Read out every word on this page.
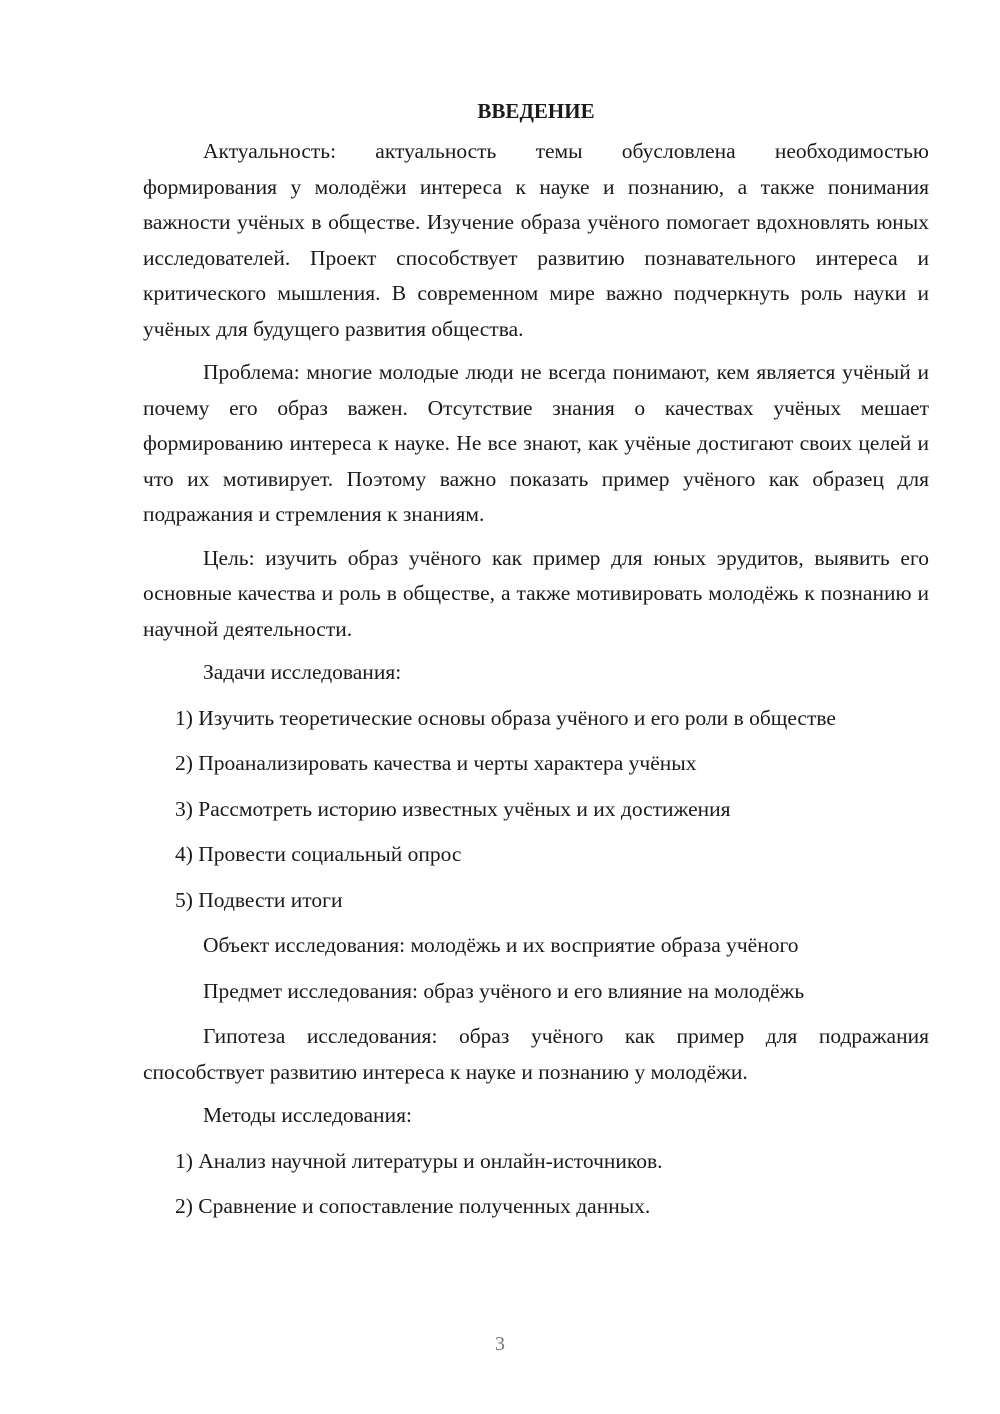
ВВЕДЕНИЕ

Актуальность: актуальность темы обусловлена необходимостью формирования у молодёжи интереса к науке и познанию, а также понимания важности учёных в обществе. Изучение образа учёного помогает вдохновлять юных исследователей. Проект способствует развитию познавательного интереса и критического мышления. В современном мире важно подчеркнуть роль науки и учёных для будущего развития общества.

Проблема: многие молодые люди не всегда понимают, кем является учёный и почему его образ важен. Отсутствие знания о качествах учёных мешает формированию интереса к науке. Не все знают, как учёные достигают своих целей и что их мотивирует. Поэтому важно показать пример учёного как образец для подражания и стремления к знаниям.

Цель: изучить образ учёного как пример для юных эрудитов, выявить его основные качества и роль в обществе, а также мотивировать молодёжь к познанию и научной деятельности.

Задачи исследования:

1) Изучить теоретические основы образа учёного и его роли в обществе

2) Проанализировать качества и черты характера учёных

3) Рассмотреть историю известных учёных и их достижения

4) Провести социальный опрос

5) Подвести итоги

Объект исследования: молодёжь и их восприятие образа учёного

Предмет исследования: образ учёного и его влияние на молодёжь

Гипотеза исследования: образ учёного как пример для подражания способствует развитию интереса к науке и познанию у молодёжи.

Методы исследования:

1) Анализ научной литературы и онлайн-источников.

2) Сравнение и сопоставление полученных данных.

3
